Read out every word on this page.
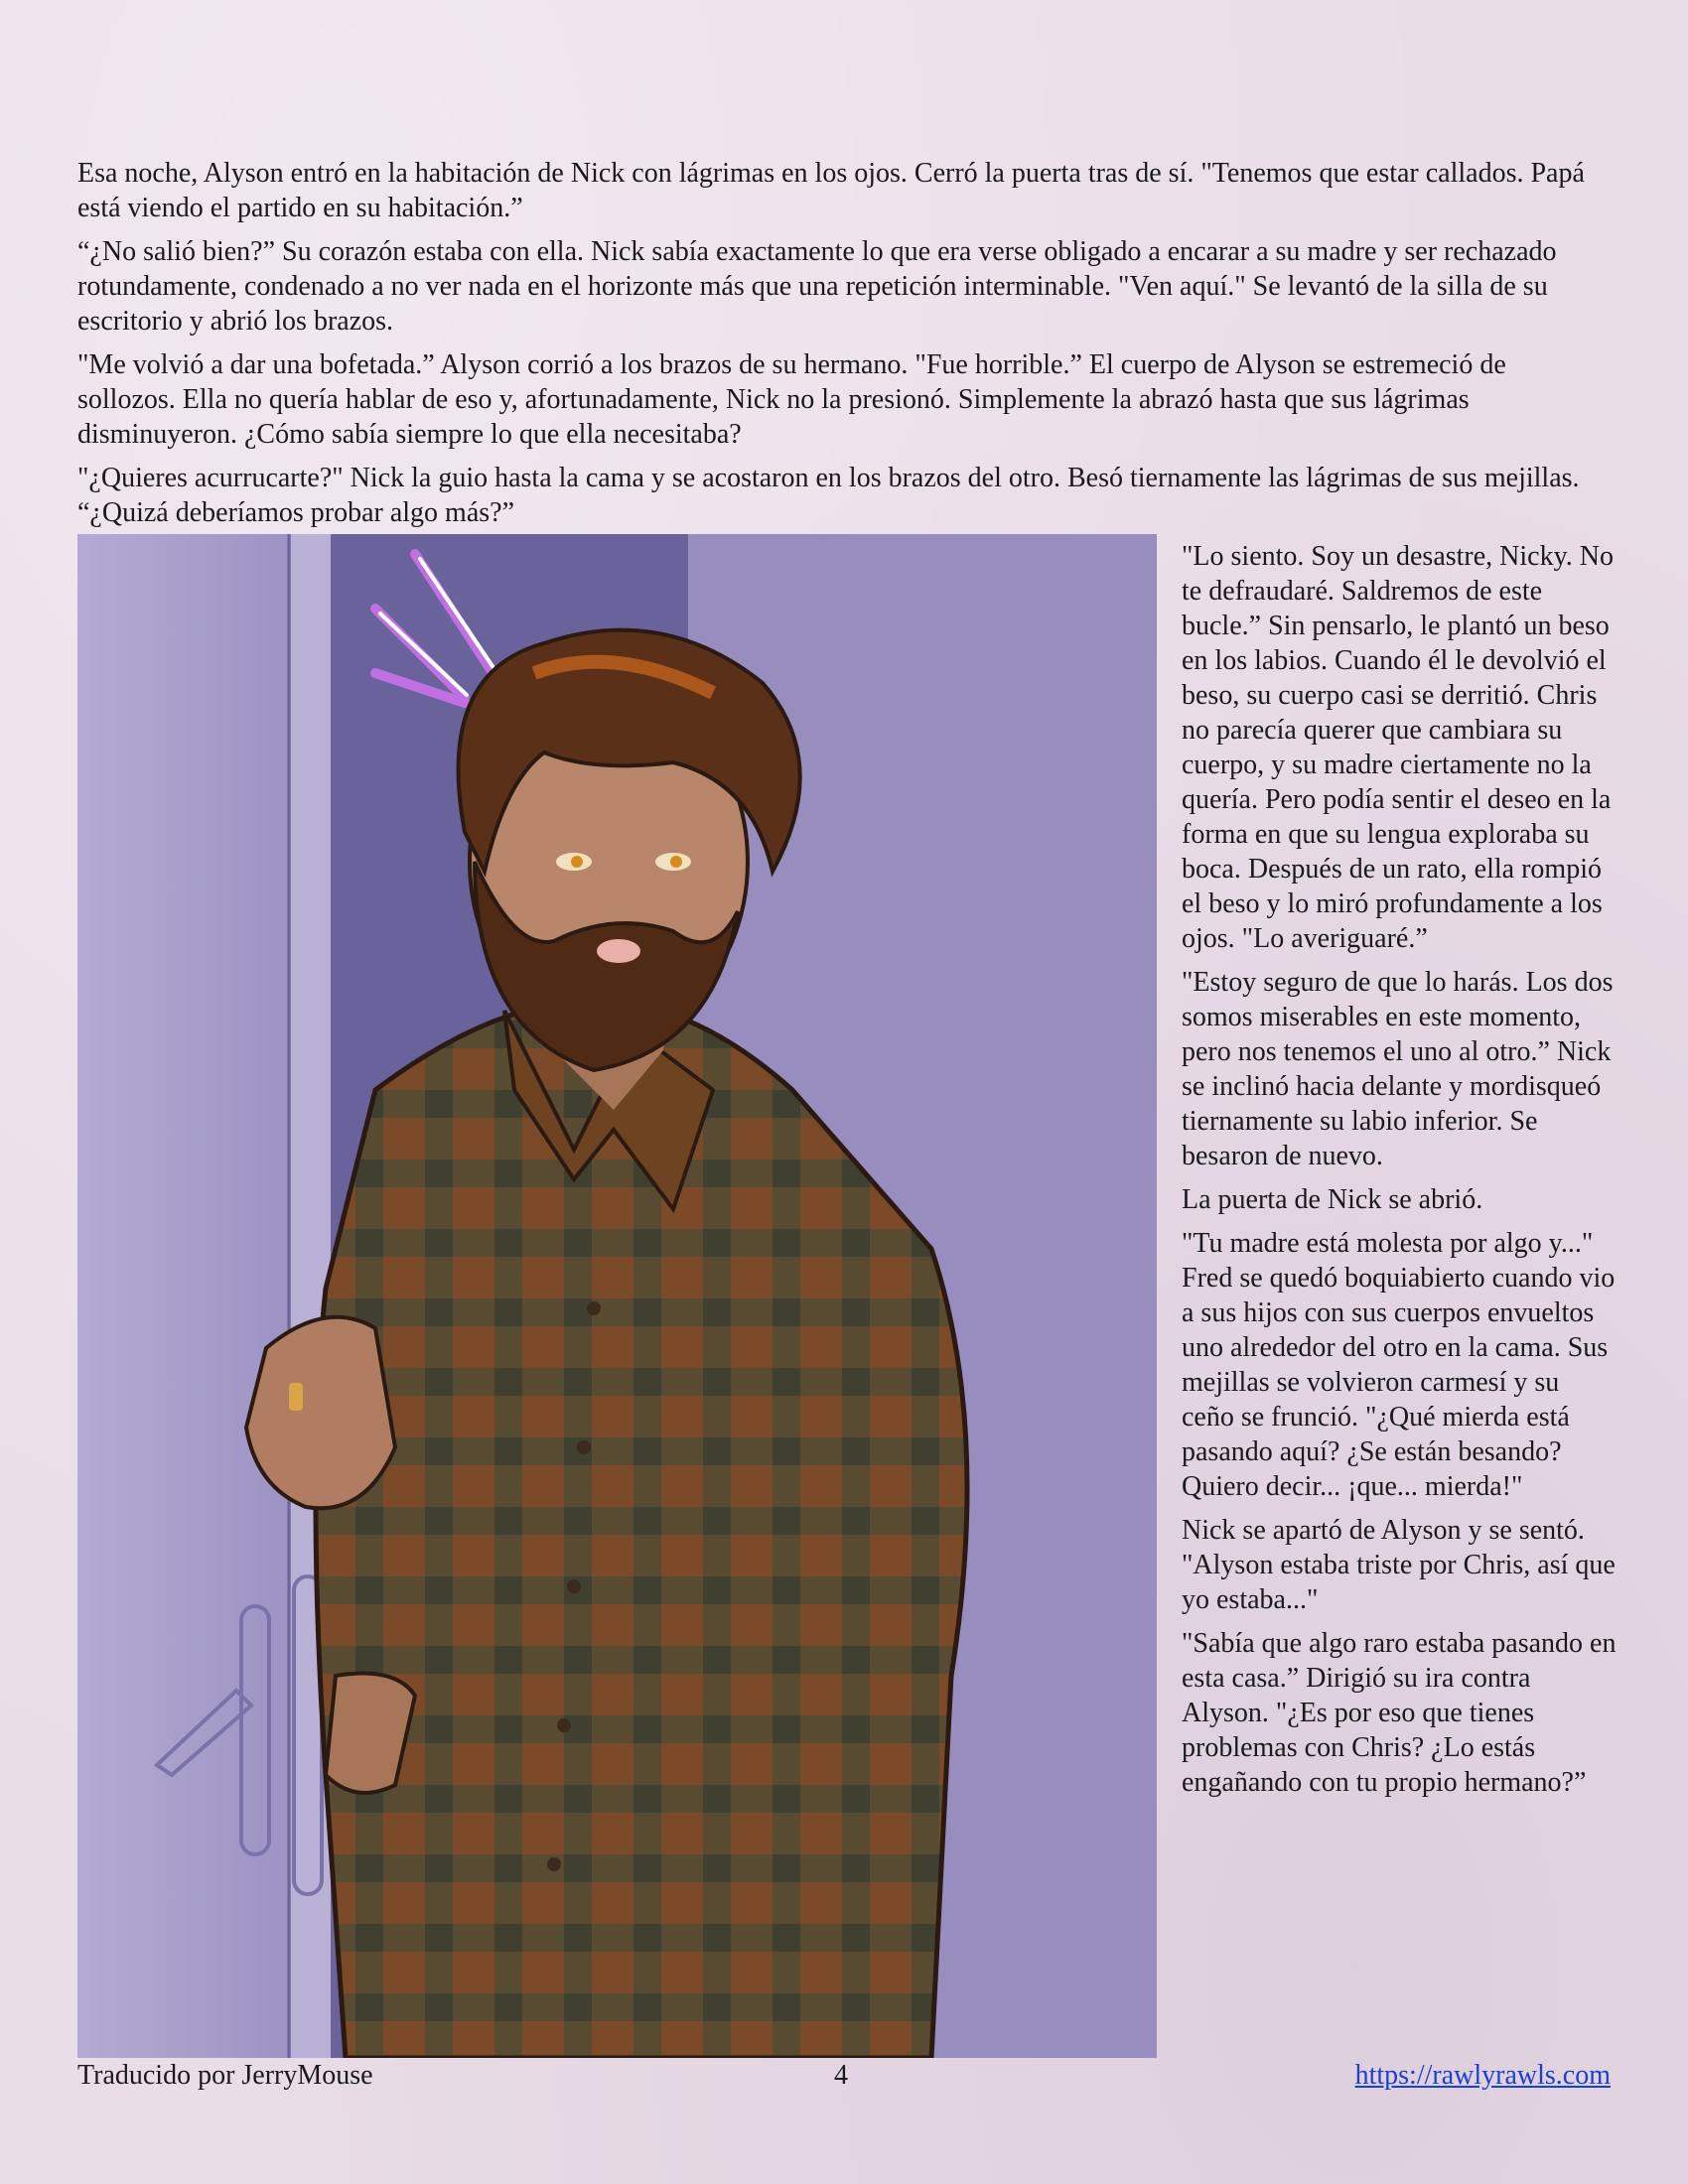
Esa noche, Alyson entró en la habitación de Nick con lágrimas en los ojos. Cerró la puerta tras de sí. "Tenemos que estar callados. Papá está viendo el partido en su habitación.”

“¿No salió bien?” Su corazón estaba con ella. Nick sabía exactamente lo que era verse obligado a encarar a su madre y ser rechazado rotundamente, condenado a no ver nada en el horizonte más que una repetición interminable. "Ven aquí." Se levantó de la silla de su escritorio y abrió los brazos.

"Me volvió a dar una bofetada.” Alyson corrió a los brazos de su hermano. "Fue horrible.” El cuerpo de Alyson se estremeció de sollozos. Ella no quería hablar de eso y, afortunadamente, Nick no la presionó. Simplemente la abrazó hasta que sus lágrimas disminuyeron. ¿Cómo sabía siempre lo que ella necesitaba?

"¿Quieres acurrucarte?" Nick la guio hasta la cama y se acostaron en los brazos del otro. Besó tiernamente las lágrimas de sus mejillas. “¿Quizá deberíamos probar algo más?”

"Lo siento. Soy un desastre, Nicky. No te defraudaré. Saldremos de este bucle.” Sin pensarlo, le plantó un beso en los labios. Cuando él le devolvió el beso, su cuerpo casi se derritió. Chris no parecía querer que cambiara su cuerpo, y su madre ciertamente no la quería. Pero podía sentir el deseo en la forma en que su lengua exploraba su boca. Después de un rato, ella rompió el beso y lo miró profundamente a los ojos. "Lo averiguaré.”

"Estoy seguro de que lo harás. Los dos somos miserables en este momento, pero nos tenemos el uno al otro.” Nick se inclinó hacia delante y mordisqueó tiernamente su labio inferior. Se besaron de nuevo.

La puerta de Nick se abrió.

"Tu madre está molesta por algo y..." Fred se quedó boquiabierto cuando vio a sus hijos con sus cuerpos envueltos uno alrededor del otro en la cama. Sus mejillas se volvieron carmesí y su ceño se frunció. "¿Qué mierda está pasando aquí? ¿Se están besando? Quiero decir... ¡que... mierda!"

Nick se apartó de Alyson y se sentó. "Alyson estaba triste por Chris, así que yo estaba..."

"Sabía que algo raro estaba pasando en esta casa.” Dirigió su ira contra Alyson. "¿Es por eso que tienes problemas con Chris? ¿Lo estás engañando con tu propio hermano?”

Traducido por JerryMouse	4	https://rawlyrawls.com
